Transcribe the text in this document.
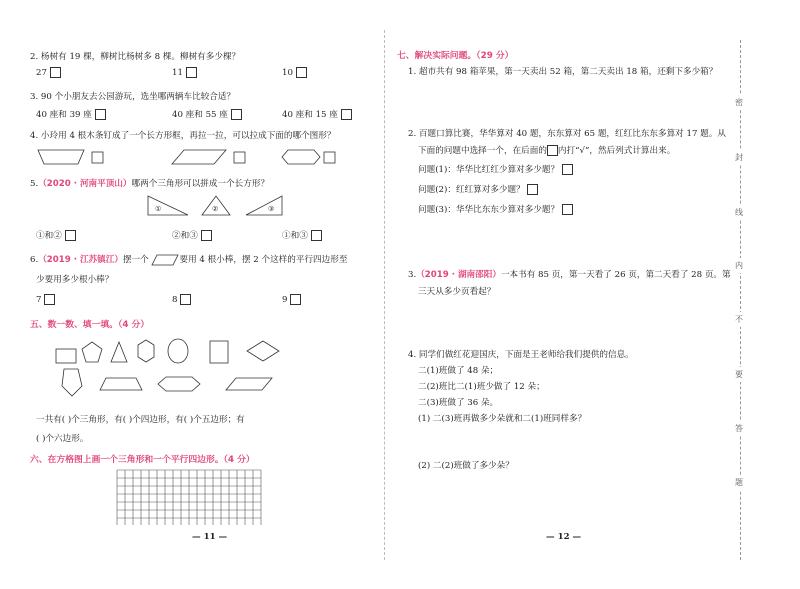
2. 杨树有 19 棵，柳树比杨树多 8 棵。柳树有多少棵？
27	11	10
3. 90 个小朋友去公园游玩，选坐哪两辆车比较合适？
40 座和 39 座	40 座和 55 座	40 座和 15 座
4. 小玲用 4 根木条钉成了一个长方形框，再拉一拉，可以拉成下面的哪个图形？
5.（2020 · 河南平顶山）哪两个三角形可以拼成一个长方形？
①	②	③
①和②	②和③	①和③
6.（2019 · 江苏镇江）摆一个	要用 4 根小棒，摆 2 个这样的平行四边形至
少要用多少根小棒？
7	8	9
五、数一数、填一填。（4 分）
一共有( )个三角形，有( )个四边形，有( )个五边形；有
( )个六边形。
六、在方格图上画一个三角形和一个平行四边形。（4 分）
— 11 —
七、解决实际问题。（29 分）
1. 超市共有 98 箱苹果，第一天卖出 52 箱，第二天卖出 18 箱，还剩下多少箱？
2. 百题口算比赛，华华算对 40 题，东东算对 65 题，红红比东东多算对 17 题。从
下面的问题中选择一个，在后面的 内打“√”，然后列式计算出来。
问题(1)：华华比红红少算对多少题？
问题(2)：红红算对多少题？
问题(3)：华华比东东少算对多少题？
3.（2019 · 湖南邵阳）一本书有 85 页，第一天看了 26 页，第二天看了 28 页。第
三天从多少页看起？
4. 同学们做红花迎国庆，下面是王老师给我们提供的信息。
二(1)班做了 48 朵；
二(2)班比二(1)班少做了 12 朵；
二(3)班做了 36 朵。
(1) 二(3)班再做多少朵就和二(1)班同样多？
(2) 二(2)班做了多少朵？
— 12 —
密
封
线
内
不
要
答
题
